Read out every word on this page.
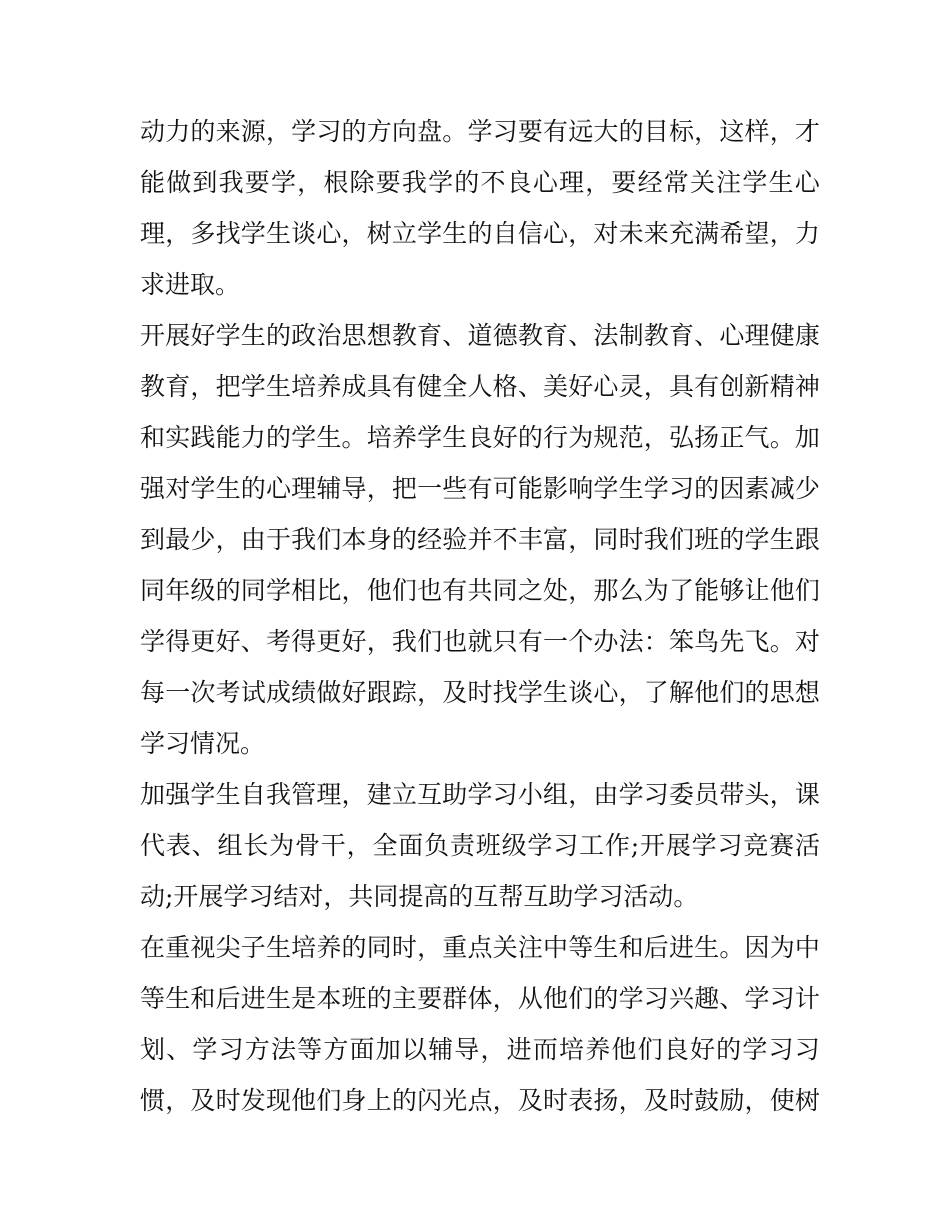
动 力 的 来 源 ， 学 习 的 方 向 盘 。 学 习 要 有 远 大 的 目 标 ， 这 样 ， 才
能 做 到 我 要 学 ， 根 除 要 我 学 的 不 良 心 理 ， 要 经 常 关 注 学 生 心
理 ， 多 找 学 生 谈 心 ， 树 立 学 生 的 自 信 心 ， 对 未 来 充 满 希 望 ， 力
求进取。
开 展 好 学 生 的 政 治 思 想 教 育 、 道 德 教 育 、 法 制 教 育 、 心 理 健 康
教 育 ， 把 学 生 培 养 成 具 有 健 全 人 格 、 美 好 心 灵 ， 具 有 创 新 精 神
和 实 践 能 力 的 学 生 。 培 养 学 生 良 好 的 行 为 规 范 ， 弘 扬 正 气 。 加
强 对 学 生 的 心 理 辅 导 ， 把 一 些 有 可 能 影 响 学 生 学 习 的 因 素 减 少
到 最 少 ， 由 于 我 们 本 身 的 经 验 并 不 丰 富 ， 同 时 我 们 班 的 学 生 跟
同 年 级 的 同 学 相 比 ， 他 们 也 有 共 同 之 处 ， 那 么 为 了 能 够 让 他 们
学 得 更 好 、 考 得 更 好 ， 我 们 也 就 只 有 一 个 办 法 ： 笨 鸟 先 飞 。 对
每 一 次 考 试 成 绩 做 好 跟 踪 ， 及 时 找 学 生 谈 心 ， 了 解 他 们 的 思 想
学习情况。
加 强 学 生 自 我 管 理 ， 建 立 互 助 学 习 小 组 ， 由 学 习 委 员 带 头 ， 课
代 表 、 组 长 为 骨 干 ， 全 面 负 责 班 级 学 习 工 作 ; 开 展 学 习 竞 赛 活
动;开展学习结对，共同提高的互帮互助学习活动。
在 重 视 尖 子 生 培 养 的 同 时 ， 重 点 关 注 中 等 生 和 后 进 生 。 因 为 中
等 生 和 后 进 生 是 本 班 的 主 要 群 体 ， 从 他 们 的 学 习 兴 趣 、 学 习 计
划 、 学 习 方 法 等 方 面 加 以 辅 导 ， 进 而 培 养 他 们 良 好 的 学 习 习
惯 ， 及 时 发 现 他 们 身 上 的 闪 光 点 ， 及 时 表 扬 ， 及 时 鼓 励 ， 使 树
